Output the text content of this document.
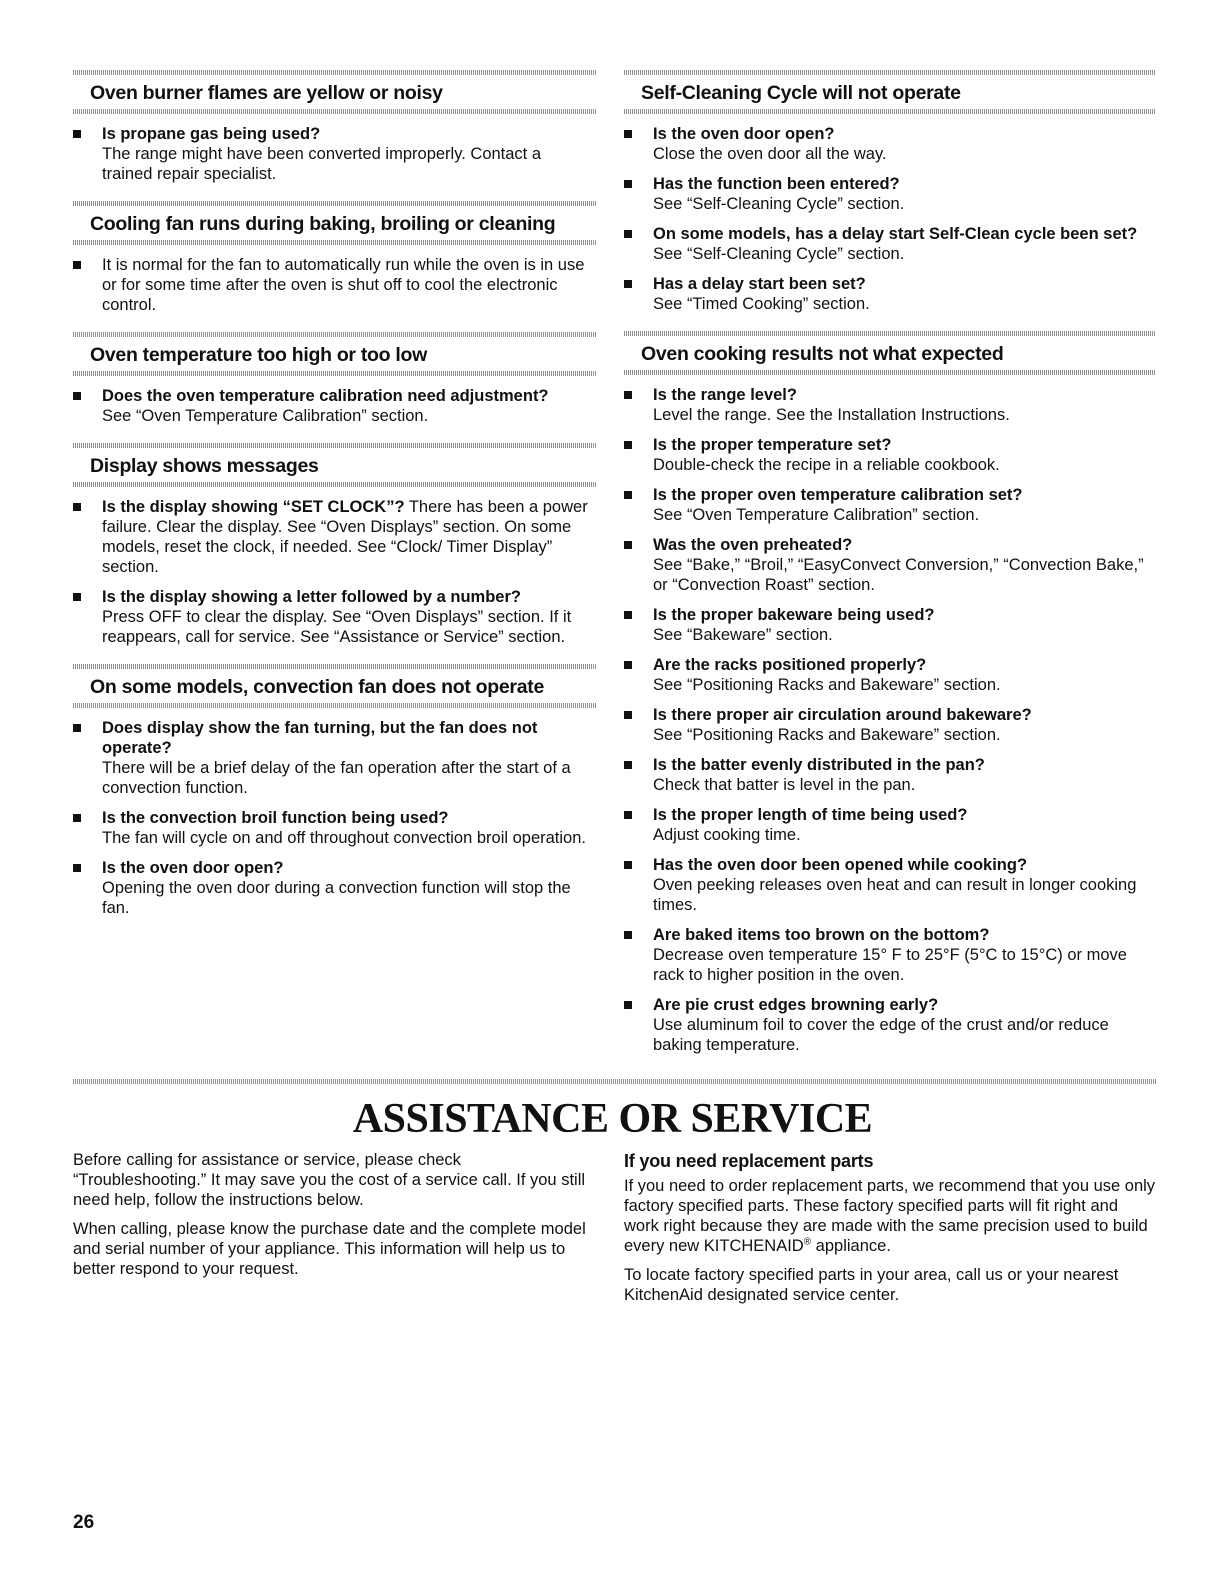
Oven burner flames are yellow or noisy
Is propane gas being used?
The range might have been converted improperly. Contact a trained repair specialist.
Cooling fan runs during baking, broiling or cleaning
It is normal for the fan to automatically run while the oven is in use or for some time after the oven is shut off to cool the electronic control.
Oven temperature too high or too low
Does the oven temperature calibration need adjustment?
See “Oven Temperature Calibration” section.
Display shows messages
Is the display showing “SET CLOCK”? There has been a power failure. Clear the display. See “Oven Displays” section. On some models, reset the clock, if needed. See “Clock/ Timer Display” section.
Is the display showing a letter followed by a number?
Press OFF to clear the display. See “Oven Displays” section. If it reappears, call for service. See “Assistance or Service” section.
On some models, convection fan does not operate
Does display show the fan turning, but the fan does not operate?
There will be a brief delay of the fan operation after the start of a convection function.
Is the convection broil function being used?
The fan will cycle on and off throughout convection broil operation.
Is the oven door open?
Opening the oven door during a convection function will stop the fan.
Self-Cleaning Cycle will not operate
Is the oven door open?
Close the oven door all the way.
Has the function been entered?
See “Self-Cleaning Cycle” section.
On some models, has a delay start Self-Clean cycle been set?
See “Self-Cleaning Cycle” section.
Has a delay start been set?
See “Timed Cooking” section.
Oven cooking results not what expected
Is the range level?
Level the range. See the Installation Instructions.
Is the proper temperature set?
Double-check the recipe in a reliable cookbook.
Is the proper oven temperature calibration set?
See “Oven Temperature Calibration” section.
Was the oven preheated?
See “Bake,” “Broil,” “EasyConvect Conversion,” “Convection Bake,” or “Convection Roast” section.
Is the proper bakeware being used?
See “Bakeware” section.
Are the racks positioned properly?
See “Positioning Racks and Bakeware” section.
Is there proper air circulation around bakeware?
See “Positioning Racks and Bakeware” section.
Is the batter evenly distributed in the pan?
Check that batter is level in the pan.
Is the proper length of time being used?
Adjust cooking time.
Has the oven door been opened while cooking?
Oven peeking releases oven heat and can result in longer cooking times.
Are baked items too brown on the bottom?
Decrease oven temperature 15° F to 25°F (5°C to 15°C) or move rack to higher position in the oven.
Are pie crust edges browning early?
Use aluminum foil to cover the edge of the crust and/or reduce baking temperature.
ASSISTANCE OR SERVICE

Before calling for assistance or service, please check “Troubleshooting.” It may save you the cost of a service call. If you still need help, follow the instructions below.

When calling, please know the purchase date and the complete model and serial number of your appliance. This information will help us to better respond to your request.

If you need replacement parts

If you need to order replacement parts, we recommend that you use only factory specified parts. These factory specified parts will fit right and work right because they are made with the same precision used to build every new KITCHENAID® appliance.

To locate factory specified parts in your area, call us or your nearest KitchenAid designated service center.

26
